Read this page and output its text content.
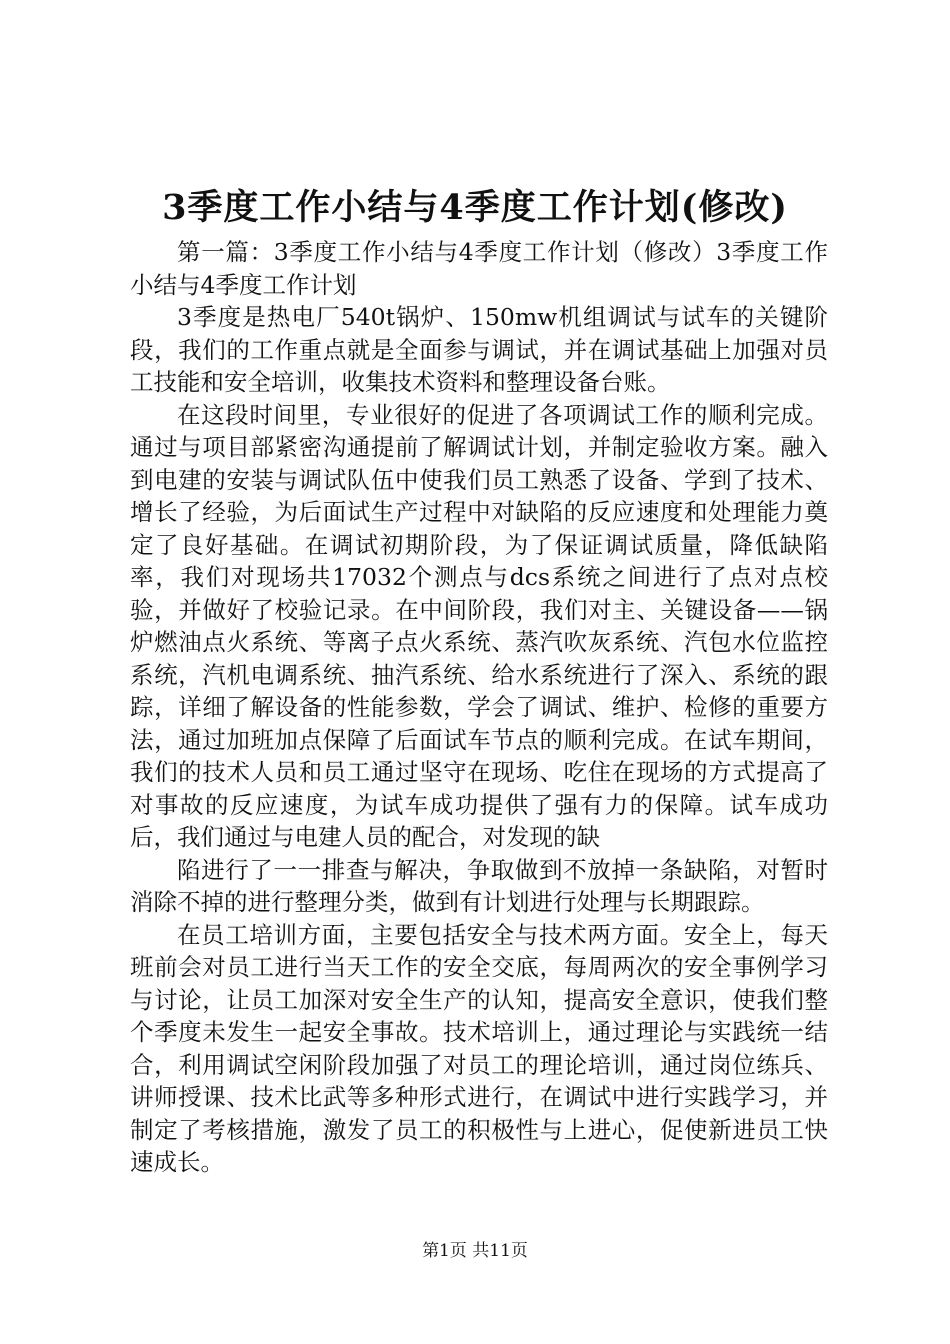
3季度工作小结与4季度工作计划(修改)

第一篇：3季度工作小结与4季度工作计划（修改）3季度工作小结与4季度工作计划

3季度是热电厂540t锅炉、150mw机组调试与试车的关键阶段，我们的工作重点就是全面参与调试，并在调试基础上加强对员工技能和安全培训，收集技术资料和整理设备台账。

在这段时间里，专业很好的促进了各项调试工作的顺利完成。通过与项目部紧密沟通提前了解调试计划，并制定验收方案。融入到电建的安装与调试队伍中使我们员工熟悉了设备、学到了技术、增长了经验，为后面试生产过程中对缺陷的反应速度和处理能力奠定了良好基础。在调试初期阶段，为了保证调试质量，降低缺陷率，我们对现场共17032个测点与dcs系统之间进行了点对点校验，并做好了校验记录。在中间阶段，我们对主、关键设备——锅炉燃油点火系统、等离子点火系统、蒸汽吹灰系统、汽包水位监控系统，汽机电调系统、抽汽系统、给水系统进行了深入、系统的跟踪，详细了解设备的性能参数，学会了调试、维护、检修的重要方法，通过加班加点保障了后面试车节点的顺利完成。在试车期间，我们的技术人员和员工通过坚守在现场、吃住在现场的方式提高了对事故的反应速度，为试车成功提供了强有力的保障。试车成功后，我们通过与电建人员的配合，对发现的缺

陷进行了一一排查与解决，争取做到不放掉一条缺陷，对暂时消除不掉的进行整理分类，做到有计划进行处理与长期跟踪。

在员工培训方面，主要包括安全与技术两方面。安全上，每天班前会对员工进行当天工作的安全交底，每周两次的安全事例学习与讨论，让员工加深对安全生产的认知，提高安全意识，使我们整个季度未发生一起安全事故。技术培训上，通过理论与实践统一结合，利用调试空闲阶段加强了对员工的理论培训，通过岗位练兵、讲师授课、技术比武等多种形式进行，在调试中进行实践学习，并制定了考核措施，激发了员工的积极性与上进心，促使新进员工快速成长。

第1页 共11页
